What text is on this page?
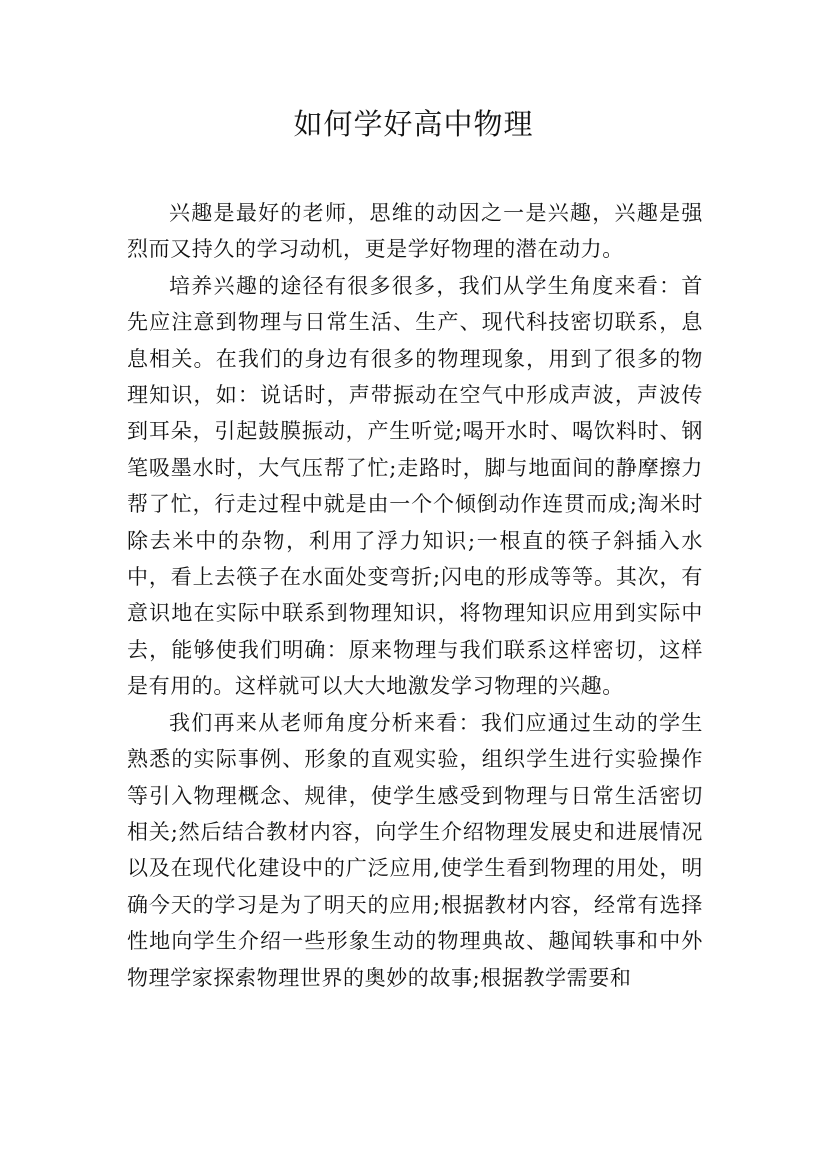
如何学好高中物理

兴趣是最好的老师，思维的动因之一是兴趣，兴趣是强烈而又持久的学习动机，更是学好物理的潜在动力。

培养兴趣的途径有很多很多，我们从学生角度来看：首先应注意到物理与日常生活、生产、现代科技密切联系，息息相关。在我们的身边有很多的物理现象，用到了很多的物理知识，如：说话时，声带振动在空气中形成声波，声波传到耳朵，引起鼓膜振动，产生听觉;喝开水时、喝饮料时、钢笔吸墨水时，大气压帮了忙;走路时，脚与地面间的静摩擦力帮了忙，行走过程中就是由一个个倾倒动作连贯而成;淘米时除去米中的杂物，利用了浮力知识;一根直的筷子斜插入水中，看上去筷子在水面处变弯折;闪电的形成等等。其次，有意识地在实际中联系到物理知识，将物理知识应用到实际中去，能够使我们明确：原来物理与我们联系这样密切，这样是有用的。这样就可以大大地激发学习物理的兴趣。

我们再来从老师角度分析来看：我们应通过生动的学生熟悉的实际事例、形象的直观实验，组织学生进行实验操作等引入物理概念、规律，使学生感受到物理与日常生活密切相关;然后结合教材内容，向学生介绍物理发展史和进展情况以及在现代化建设中的广泛应用,使学生看到物理的用处，明确今天的学习是为了明天的应用;根据教材内容，经常有选择性地向学生介绍一些形象生动的物理典故、趣闻轶事和中外物理学家探索物理世界的奥妙的故事;根据教学需要和
